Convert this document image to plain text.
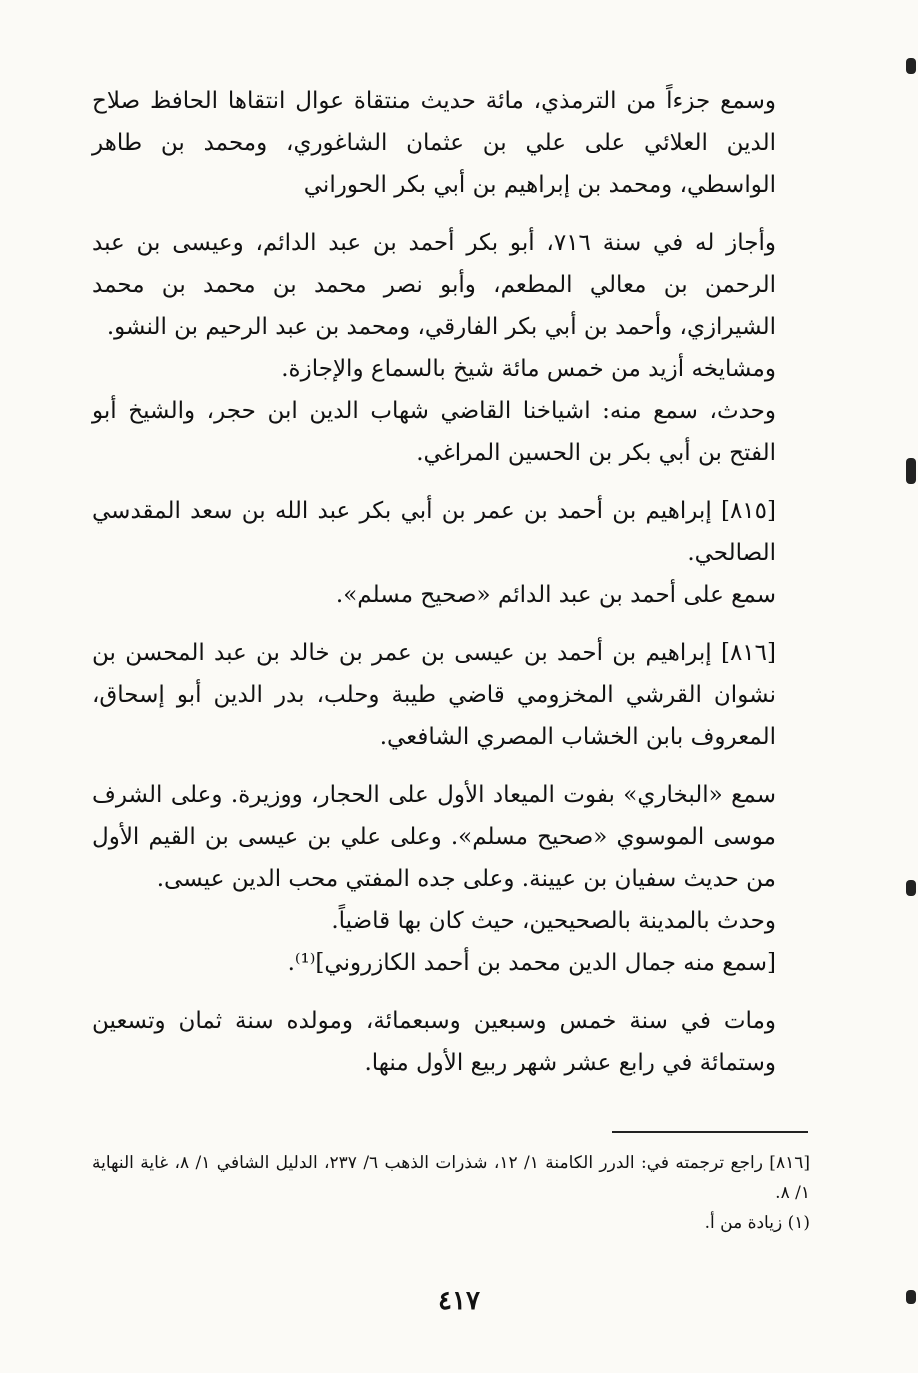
وسمع جزءاً من الترمذي، مائة حديث منتقاة عوال انتقاها الحافظ صلاح الدين العلائي على علي بن عثمان الشاغوري، ومحمد بن طاهر الواسطي، ومحمد بن إبراهيم بن أبي بكر الحوراني

وأجاز له في سنة ٧١٦، أبو بكر أحمد بن عبد الدائم، وعيسى بن عبد الرحمن بن معالي المطعم، وأبو نصر محمد بن محمد بن محمد الشيرازي، وأحمد بن أبي بكر الفارقي، ومحمد بن عبد الرحيم بن النشو.

ومشايخه أزيد من خمس مائة شيخ بالسماع والإجازة.

وحدث، سمع منه: اشياخنا القاضي شهاب الدين ابن حجر، والشيخ أبو الفتح بن أبي بكر بن الحسين المراغي.

[٨١٥] إبراهيم بن أحمد بن عمر بن أبي بكر عبد الله بن سعد المقدسي الصالحي.

سمع على أحمد بن عبد الدائم «صحيح مسلم».

[٨١٦] إبراهيم بن أحمد بن عيسى بن عمر بن خالد بن عبد المحسن بن نشوان القرشي المخزومي قاضي طيبة وحلب، بدر الدين أبو إسحاق، المعروف بابن الخشاب المصري الشافعي.

سمع «البخاري» بفوت الميعاد الأول على الحجار، ووزيرة. وعلى الشرف موسى الموسوي «صحيح مسلم». وعلى علي بن عيسى بن القيم الأول من حديث سفيان بن عيينة. وعلى جده المفتي محب الدين عيسى.

وحدث بالمدينة بالصحيحين، حيث كان بها قاضياً.

[سمع منه جمال الدين محمد بن أحمد الكازروني]⁽¹⁾.

ومات في سنة خمس وسبعين وسبعمائة، ومولده سنة ثمان وتسعين وستمائة في رابع عشر شهر ربيع الأول منها.

[٨١٦] راجع ترجمته في: الدرر الكامنة ١/ ١٢، شذرات الذهب ٦/ ٢٣٧، الدليل الشافي ١/ ٨، غاية النهاية ١/ ٨.

(١) زيادة من أ.

٤١٧
